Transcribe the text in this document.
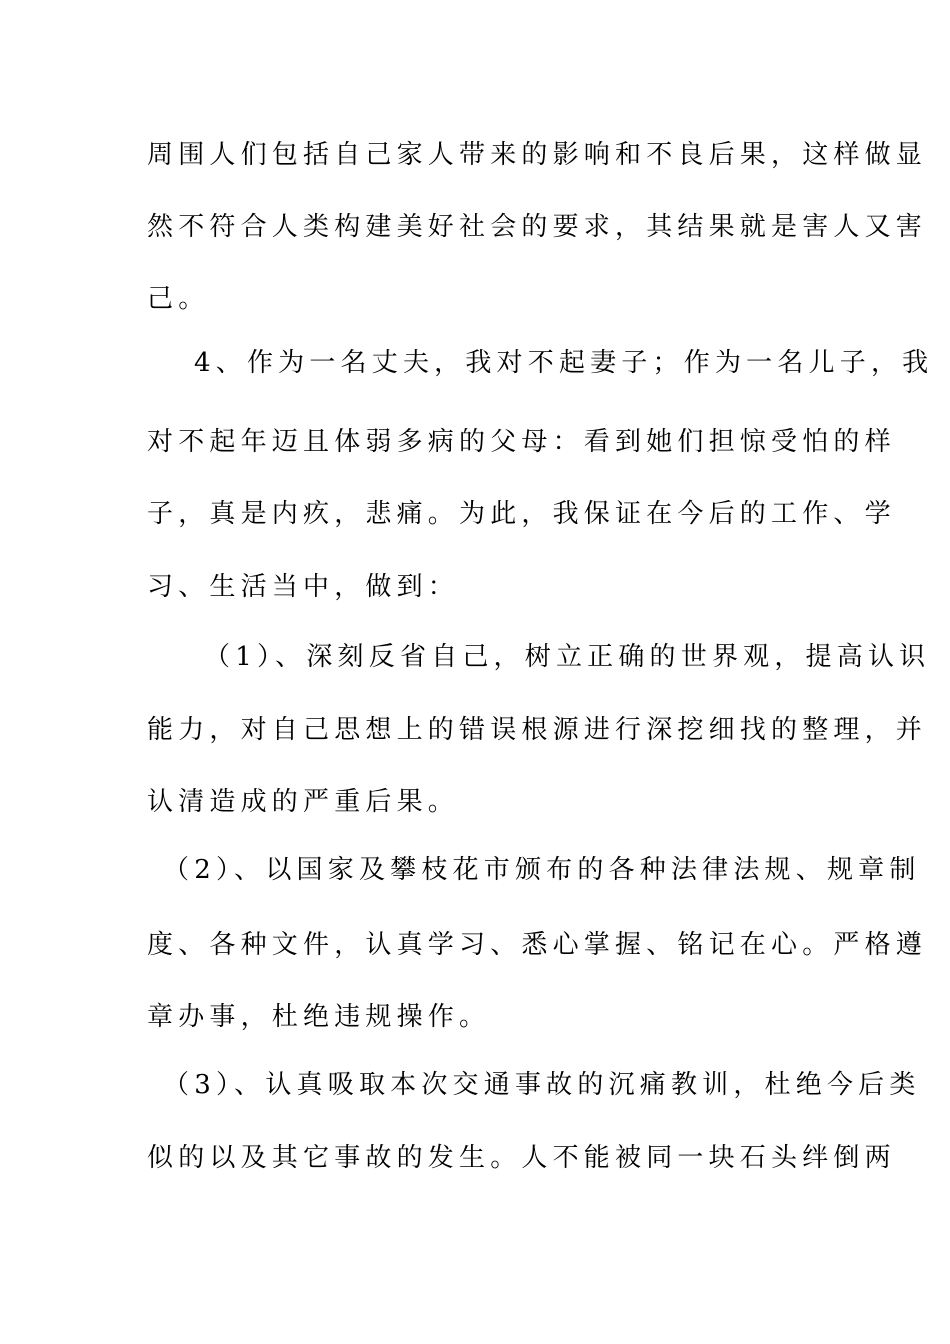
周围人们包括自己家人带来的影响和不良后果，这样做显
然不符合人类构建美好社会的要求，其结果就是害人又害
己。
4、作为一名丈夫，我对不起妻子；作为一名儿子，我
对不起年迈且体弱多病的父母：看到她们担惊受怕的样
子，真是内疚，悲痛。为此，我保证在今后的工作、学
习、生活当中，做到：
（1）、深刻反省自己，树立正确的世界观，提高认识
能力，对自己思想上的错误根源进行深挖细找的整理，并
认清造成的严重后果。
（2）、以国家及攀枝花市颁布的各种法律法规、规章制
度、各种文件，认真学习、悉心掌握、铭记在心。严格遵
章办事，杜绝违规操作。
（3）、认真吸取本次交通事故的沉痛教训，杜绝今后类
似的以及其它事故的发生。人不能被同一块石头绊倒两
